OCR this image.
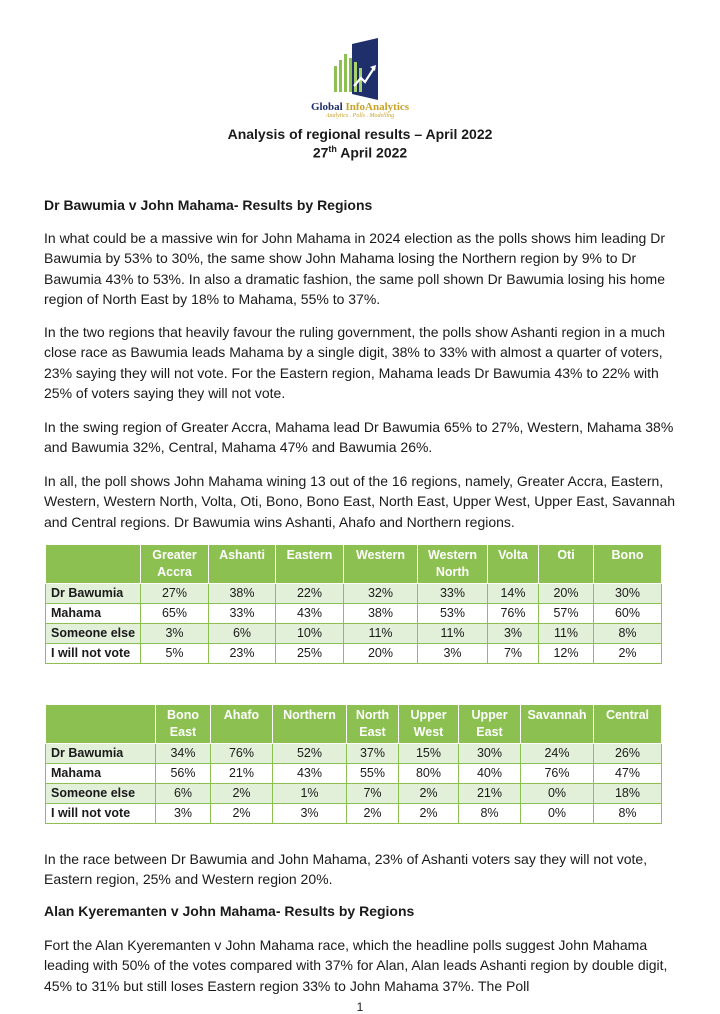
Global InfoAnalytics
Analytics . Polls . Modelling
Analysis of regional results – April 2022
27th April 2022
Dr Bawumia v John Mahama- Results by Regions

In what could be a massive win for John Mahama in 2024 election as the polls shows him leading Dr Bawumia by 53% to 30%, the same show John Mahama losing the Northern region by 9% to Dr Bawumia 43% to 53%. In also a dramatic fashion, the same poll shown Dr Bawumia losing his home region of North East by 18% to Mahama, 55% to 37%.

In the two regions that heavily favour the ruling government, the polls show Ashanti region in a much close race as Bawumia leads Mahama by a single digit, 38% to 33% with almost a quarter of voters, 23% saying they will not vote. For the Eastern region, Mahama leads Dr Bawumia 43% to 22% with 25% of voters saying they will not vote.

In the swing region of Greater Accra, Mahama lead Dr Bawumia 65% to 27%, Western, Mahama 38% and Bawumia 32%, Central, Mahama 47% and Bawumia 26%.

In all, the poll shows John Mahama wining 13 out of the 16 regions, namely, Greater Accra, Eastern, Western, Western North, Volta, Oti, Bono, Bono East, North East, Upper West, Upper East, Savannah and Central regions. Dr Bawumia wins Ashanti, Ahafo and Northern regions.

	Greater Accra	Ashanti	Eastern	Western	Western North	Volta	Oti	Bono
Dr Bawumia	27%	38%	22%	32%	33%	14%	20%	30%
Mahama	65%	33%	43%	38%	53%	76%	57%	60%
Someone else	3%	6%	10%	11%	11%	3%	11%	8%
I will not vote	5%	23%	25%	20%	3%	7%	12%	2%
	Bono East	Ahafo	Northern	North East	Upper West	Upper East	Savannah	Central
Dr Bawumia	34%	76%	52%	37%	15%	30%	24%	26%
Mahama	56%	21%	43%	55%	80%	40%	76%	47%
Someone else	6%	2%	1%	7%	2%	21%	0%	18%
I will not vote	3%	2%	3%	2%	2%	8%	0%	8%

In the race between Dr Bawumia and John Mahama, 23% of Ashanti voters say they will not vote, Eastern region, 25% and Western region 20%.

Alan Kyeremanten v John Mahama- Results by Regions

Fort the Alan Kyeremanten v John Mahama race, which the headline polls suggest John Mahama leading with 50% of the votes compared with 37% for Alan, Alan leads Ashanti region by double digit, 45% to 31% but still loses Eastern region 33% to John Mahama 37%. The Poll

1
